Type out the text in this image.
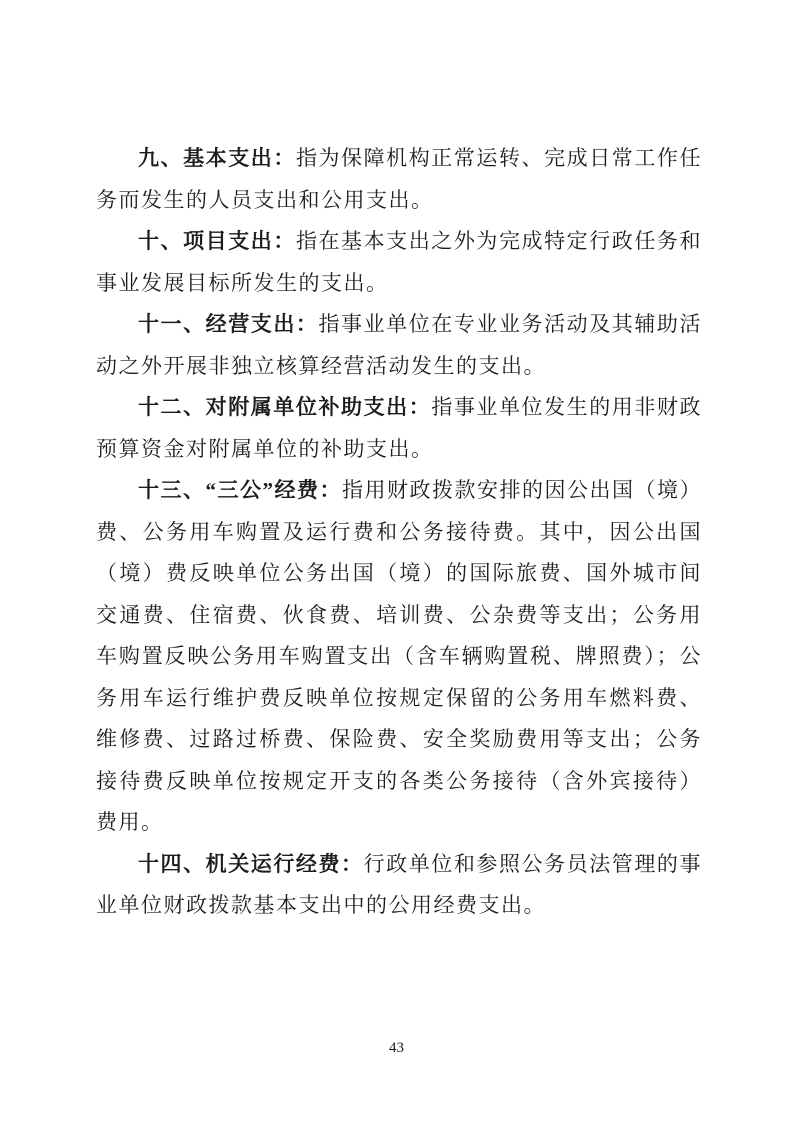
九、基本支出：指为保障机构正常运转、完成日常工作任务而发生的人员支出和公用支出。

十、项目支出：指在基本支出之外为完成特定行政任务和事业发展目标所发生的支出。

十一、经营支出：指事业单位在专业业务活动及其辅助活动之外开展非独立核算经营活动发生的支出。

十二、对附属单位补助支出：指事业单位发生的用非财政预算资金对附属单位的补助支出。

十三、“三公”经费：指用财政拨款安排的因公出国（境）费、公务用车购置及运行费和公务接待费。其中，因公出国（境）费反映单位公务出国（境）的国际旅费、国外城市间交通费、住宿费、伙食费、培训费、公杂费等支出；公务用车购置反映公务用车购置支出（含车辆购置税、牌照费）；公务用车运行维护费反映单位按规定保留的公务用车燃料费、维修费、过路过桥费、保险费、安全奖励费用等支出；公务接待费反映单位按规定开支的各类公务接待（含外宾接待）费用。

十四、机关运行经费：行政单位和参照公务员法管理的事业单位财政拨款基本支出中的公用经费支出。

43
